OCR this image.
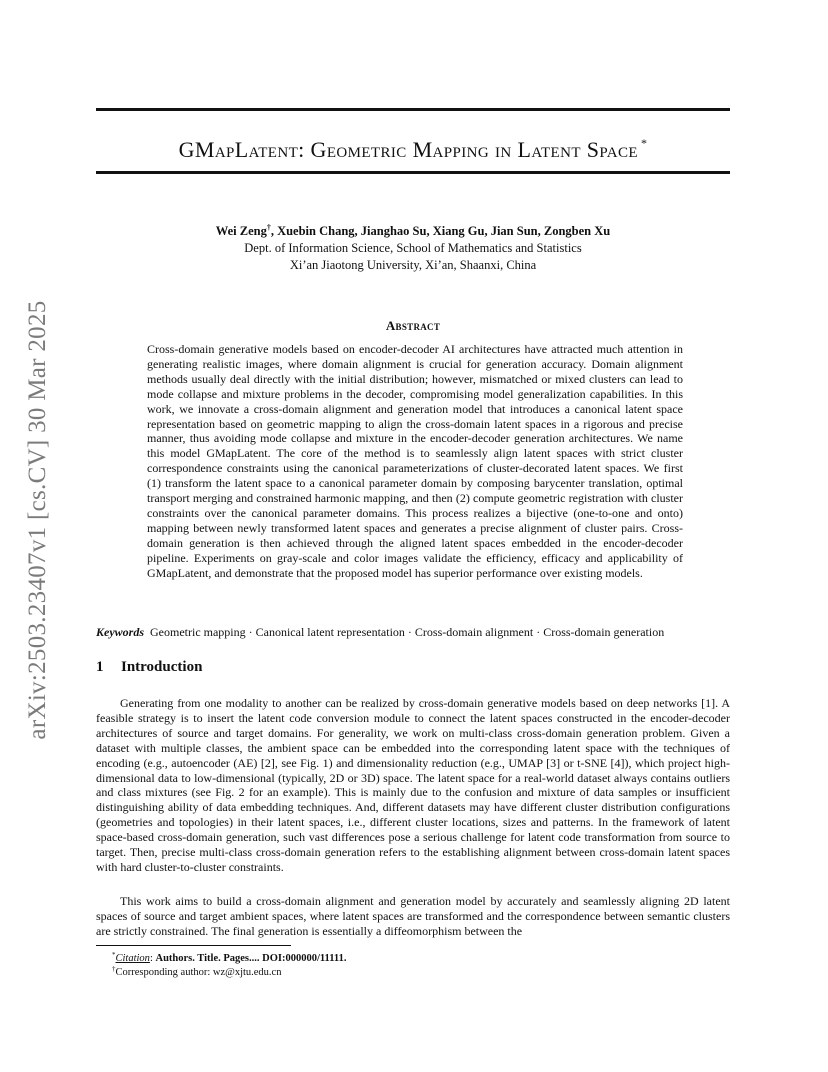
arXiv:2503.23407v1 [cs.CV] 30 Mar 2025
GMapLatent: Geometric Mapping in Latent Space *
Wei Zeng†, Xuebin Chang, Jianghao Su, Xiang Gu, Jian Sun, Zongben Xu
Dept. of Information Science, School of Mathematics and Statistics
Xi’an Jiaotong University, Xi’an, Shaanxi, China
Abstract

Cross-domain generative models based on encoder-decoder AI architectures have attracted much attention in generating realistic images, where domain alignment is crucial for generation accuracy. Domain alignment methods usually deal directly with the initial distribution; however, mismatched or mixed clusters can lead to mode collapse and mixture problems in the decoder, compromising model generalization capabilities. In this work, we innovate a cross-domain alignment and generation model that introduces a canonical latent space representation based on geometric mapping to align the cross-domain latent spaces in a rigorous and precise manner, thus avoiding mode collapse and mixture in the encoder-decoder generation architectures. We name this model GMapLatent. The core of the method is to seamlessly align latent spaces with strict cluster correspondence constraints using the canonical parameterizations of cluster-decorated latent spaces. We first (1) transform the latent space to a canonical parameter domain by composing barycenter translation, optimal transport merging and constrained harmonic mapping, and then (2) compute geometric registration with cluster constraints over the canonical parameter domains. This process realizes a bijective (one-to-one and onto) mapping between newly transformed latent spaces and generates a precise alignment of cluster pairs. Cross-domain generation is then achieved through the aligned latent spaces embedded in the encoder-decoder pipeline. Experiments on gray-scale and color images validate the efficiency, efficacy and applicability of GMapLatent, and demonstrate that the proposed model has superior performance over existing models.

Keywords Geometric mapping · Canonical latent representation · Cross-domain alignment · Cross-domain generation
1 Introduction

Generating from one modality to another can be realized by cross-domain generative models based on deep networks [1]. A feasible strategy is to insert the latent code conversion module to connect the latent spaces constructed in the encoder-decoder architectures of source and target domains. For generality, we work on multi-class cross-domain generation problem. Given a dataset with multiple classes, the ambient space can be embedded into the corresponding latent space with the techniques of encoding (e.g., autoencoder (AE) [2], see Fig. 1) and dimensionality reduction (e.g., UMAP [3] or t-SNE [4]), which project high-dimensional data to low-dimensional (typically, 2D or 3D) space. The latent space for a real-world dataset always contains outliers and class mixtures (see Fig. 2 for an example). This is mainly due to the confusion and mixture of data samples or insufficient distinguishing ability of data embedding techniques. And, different datasets may have different cluster distribution configurations (geometries and topologies) in their latent spaces, i.e., different cluster locations, sizes and patterns. In the framework of latent space-based cross-domain generation, such vast differences pose a serious challenge for latent code transformation from source to target. Then, precise multi-class cross-domain generation refers to the establishing alignment between cross-domain latent spaces with hard cluster-to-cluster constraints.

This work aims to build a cross-domain alignment and generation model by accurately and seamlessly aligning 2D latent spaces of source and target ambient spaces, where latent spaces are transformed and the correspondence between semantic clusters are strictly constrained. The final generation is essentially a diffeomorphism between the

*Citation: Authors. Title. Pages.... DOI:000000/11111.
†Corresponding author: wz@xjtu.edu.cn
